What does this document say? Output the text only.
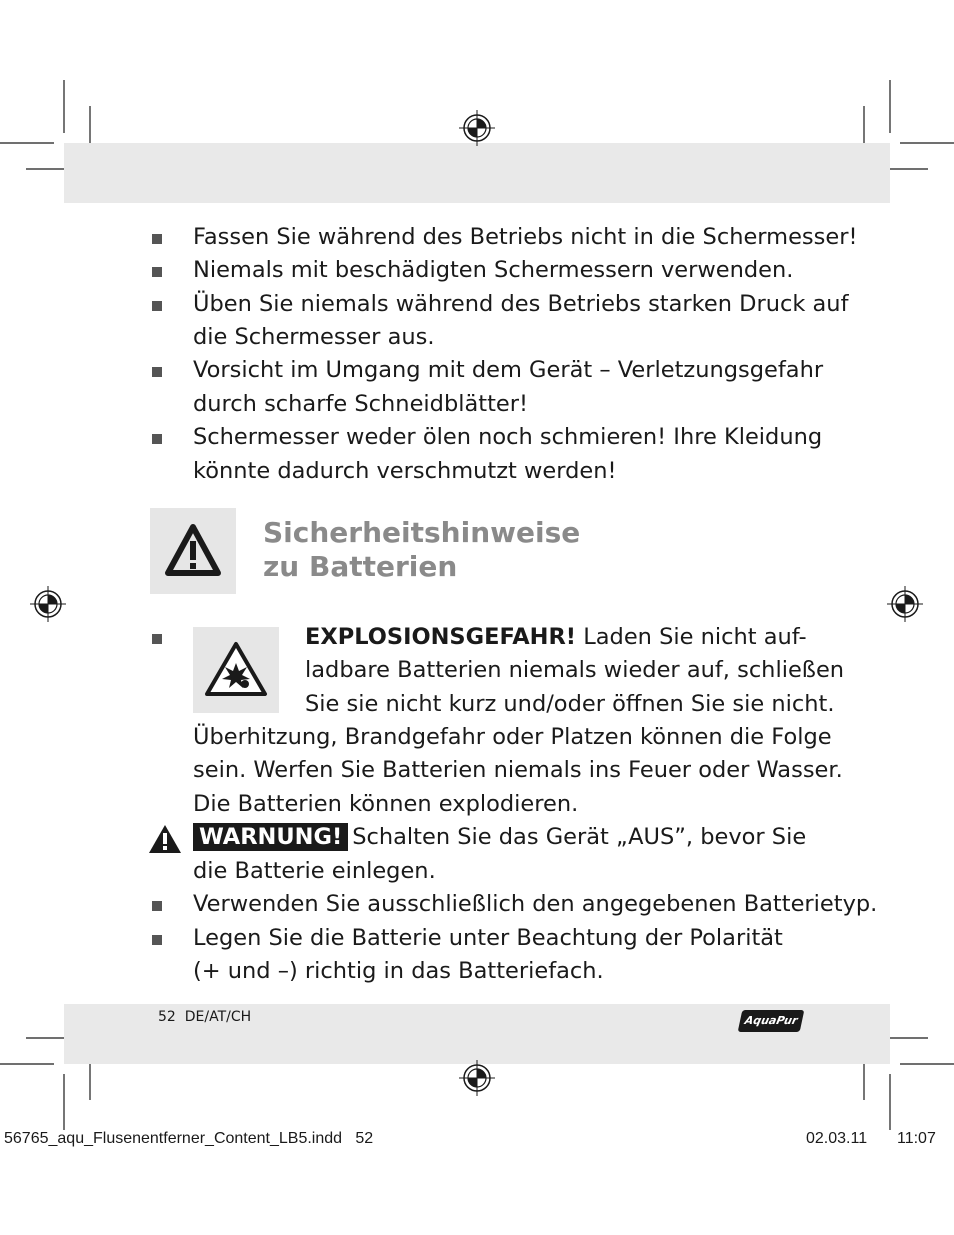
Fassen Sie während des Betriebs nicht in die Schermesser!
Niemals mit beschädigten Schermessern verwenden.
Üben Sie niemals während des Betriebs starken Druck auf
die Schermesser aus.
Vorsicht im Umgang mit dem Gerät – Verletzungsgefahr
durch scharfe Schneidblätter!
Schermesser weder ölen noch schmieren! Ihre Kleidung
könnte dadurch verschmutzt werden!
Sicherheitshinweise
zu Batterien
EXPLOSIONSGEFAHR! Laden Sie nicht auf-
ladbare Batterien niemals wieder auf, schließen
Sie sie nicht kurz und/oder öffnen Sie sie nicht.
Überhitzung, Brandgefahr oder Platzen können die Folge
sein. Werfen Sie Batterien niemals ins Feuer oder Wasser.
Die Batterien können explodieren.
WARNUNG! Schalten Sie das Gerät „AUS”, bevor Sie
die Batterie einlegen.
Verwenden Sie ausschließlich den angegebenen Batterietyp.
Legen Sie die Batterie unter Beachtung der Polarität
(+ und –) richtig in das Batteriefach.
52 DE/AT/CH	AquaPur
56765_aqu_Flusenentferner_Content_LB5.indd   52	02.03.11 11:07
